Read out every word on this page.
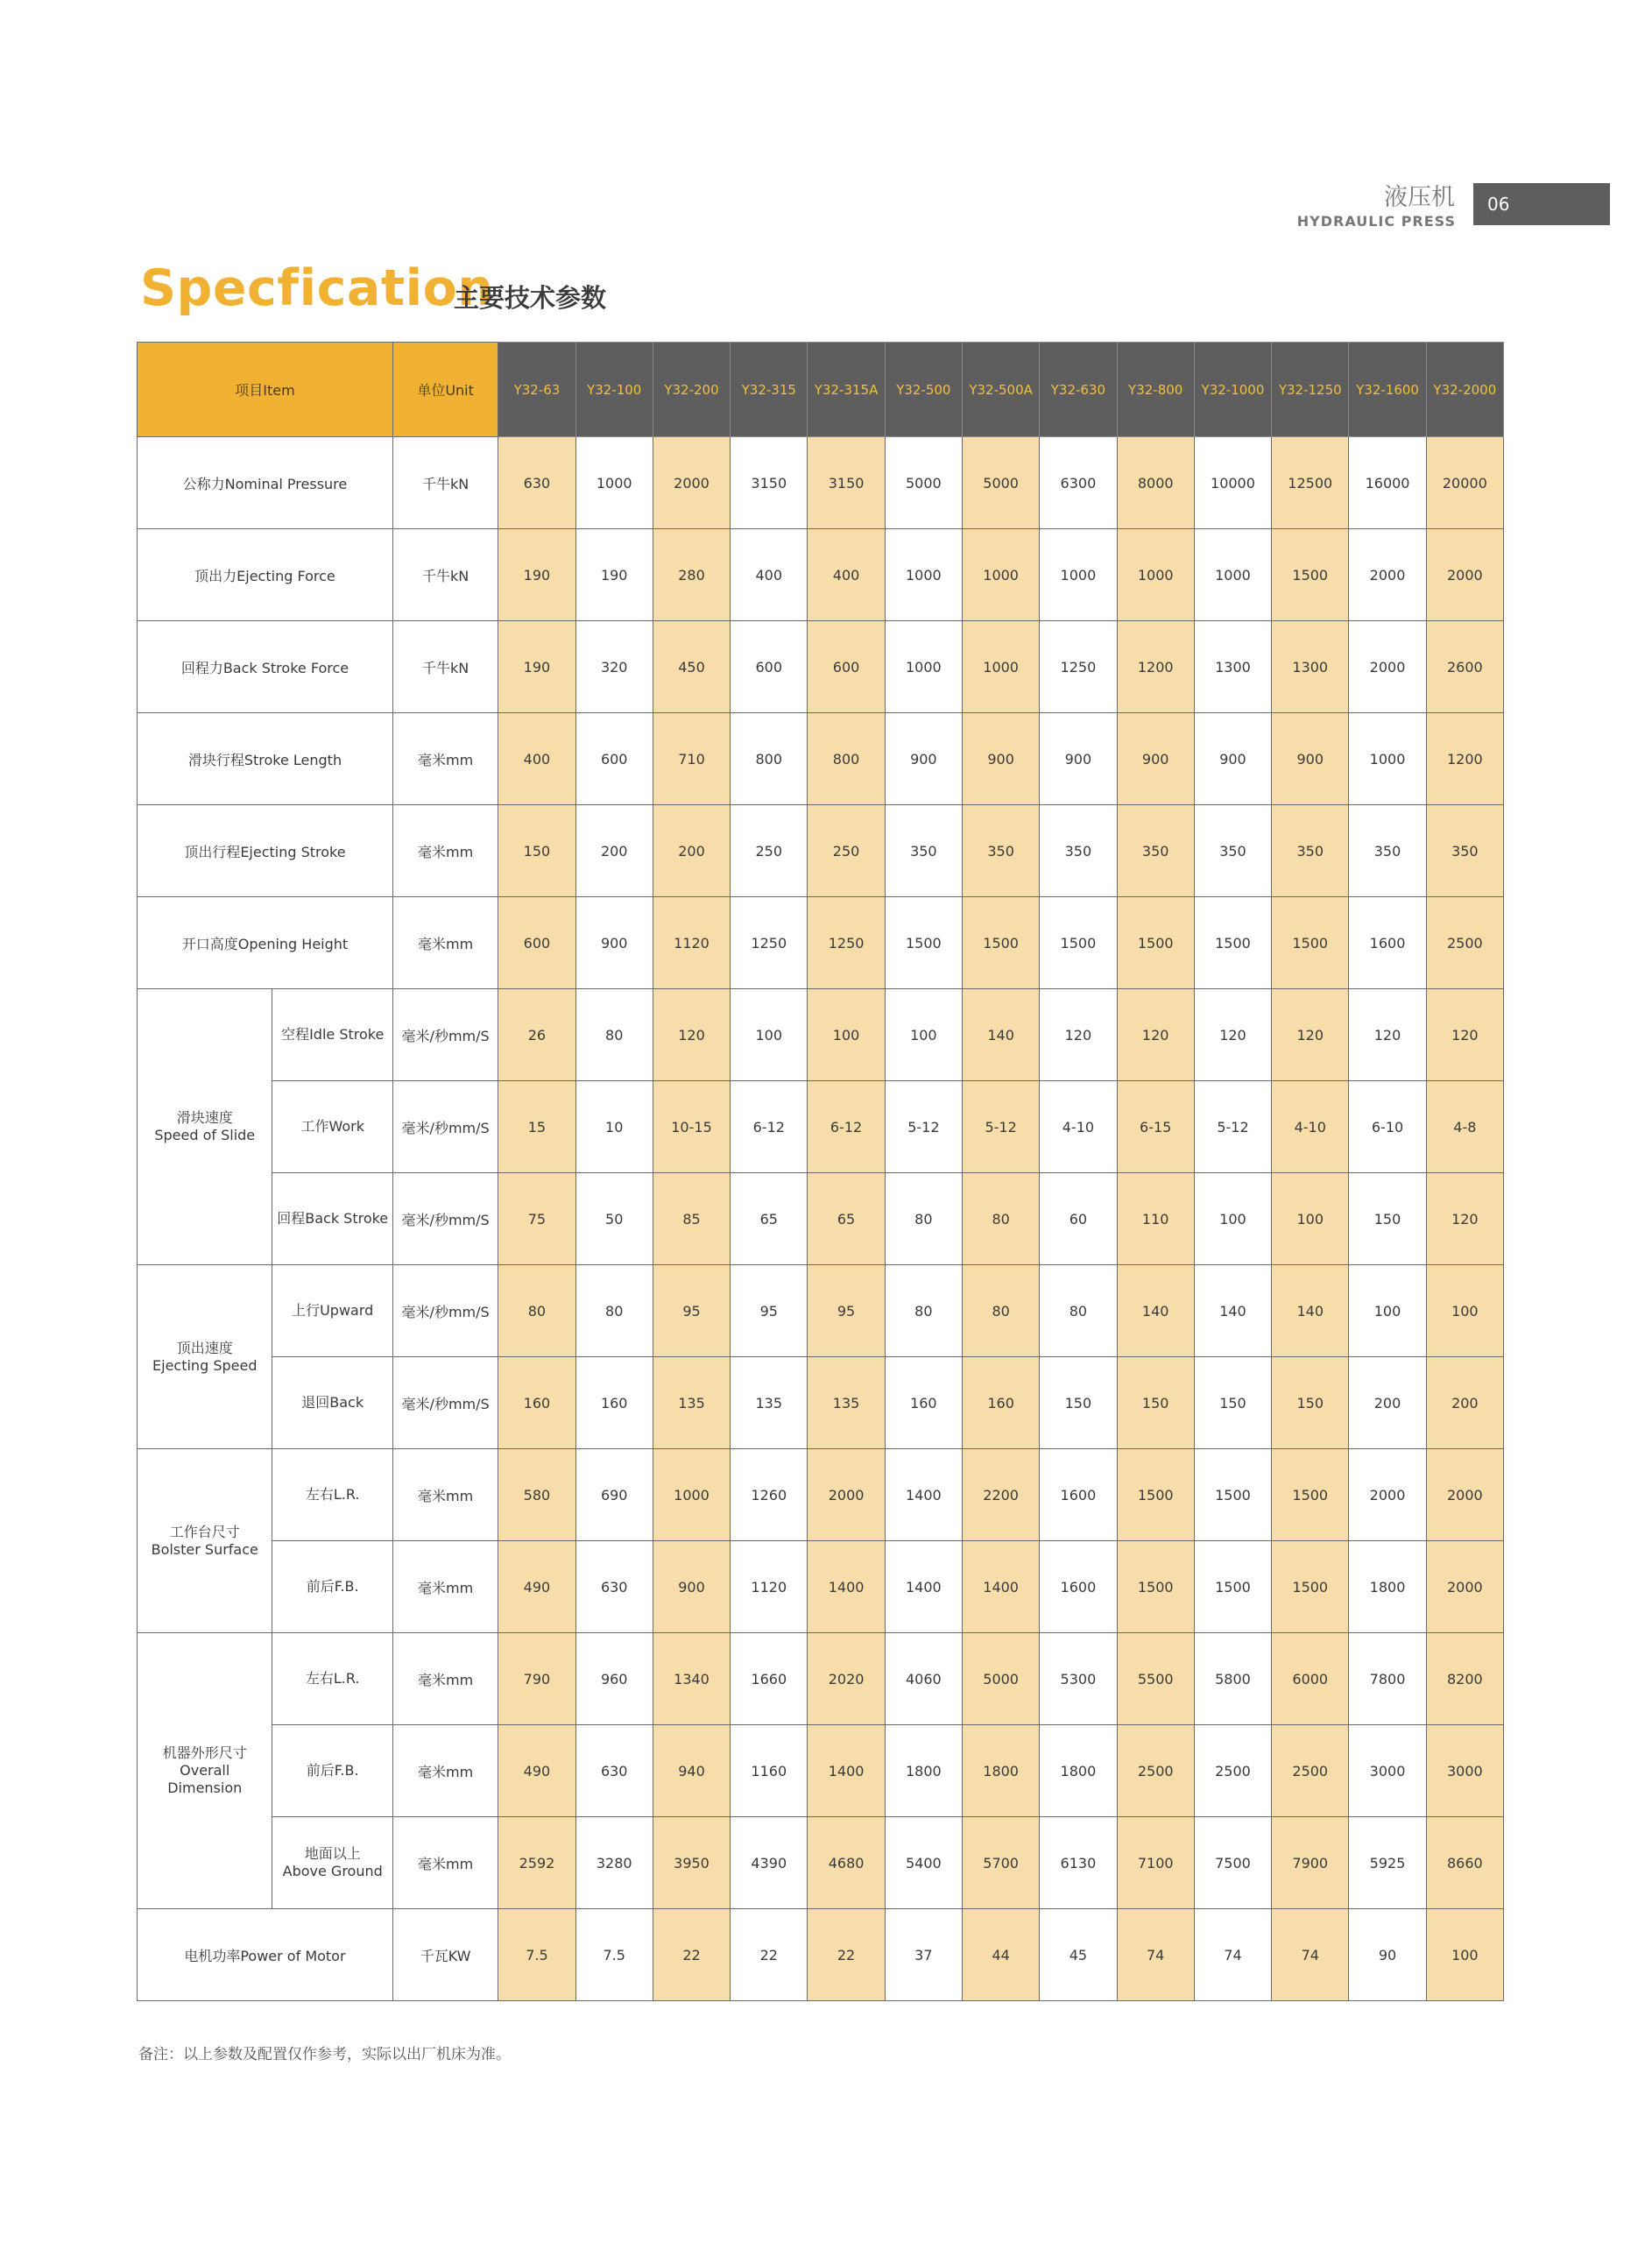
液压机
HYDRAULIC PRESS
06
Specfication
主要技术参数
项目Item		单位Unit	Y32-63	Y32-100	Y32-200	Y32-315	Y32-315A	Y32-500	Y32-500A	Y32-630	Y32-800	Y32-1000	Y32-1250	Y32-1600	Y32-2000
公称力Nominal Pressure		千牛kN	630	1000	2000	3150	3150	5000	5000	6300	8000	10000	12500	16000	20000
顶出力Ejecting Force		千牛kN	190	190	280	400	400	1000	1000	1000	1000	1000	1500	2000	2000
回程力Back Stroke Force		千牛kN	190	320	450	600	600	1000	1000	1250	1200	1300	1300	2000	2600
滑块行程Stroke Length		毫米mm	400	600	710	800	800	900	900	900	900	900	900	1000	1200
顶出行程Ejecting Stroke		毫米mm	150	200	200	250	250	350	350	350	350	350	350	350	350
开口高度Opening Height		毫米mm	600	900	1120	1250	1250	1500	1500	1500	1500	1500	1500	1600	2500

滑块速度
Speed of Slide	空程Idle Stroke	毫米/秒mm/S	26	80	120	100	100	100	140	120	120	120	120	120	120
	工作Work	毫米/秒mm/S	15	10	10-15	6-12	6-12	5-12	5-12	4-10	6-15	5-12	4-10	6-10	4-8
	回程Back Stroke	毫米/秒mm/S	75	50	85	65	65	80	80	60	110	100	100	150	120

顶出速度
Ejecting Speed	上行Upward	毫米/秒mm/S	80	80	95	95	95	80	80	80	140	140	140	100	100
	退回Back	毫米/秒mm/S	160	160	135	135	135	160	160	150	150	150	150	200	200

工作台尺寸
Bolster Surface	左右L.R.	毫米mm	580	690	1000	1260	2000	1400	2200	1600	1500	1500	1500	2000	2000
	前后F.B.	毫米mm	490	630	900	1120	1400	1400	1400	1600	1500	1500	1500	1800	2000

机器外形尺寸 Overall
Dimension	左右L.R.	毫米mm	790	960	1340	1660	2020	4060	5000	5300	5500	5800	6000	7800	8200
	前后F.B.	毫米mm	490	630	940	1160	1400	1800	1800	1800	2500	2500	2500	3000	3000

	地面以上
Above Ground	毫米mm	2592	3280	3950	4390	4680	5400	5700	6130	7100	7500	7900	5925	8660
电机功率Power of Motor		千瓦KW	7.5	7.5	22	22	22	37	44	45	74	74	74	90	100
备注：以上参数及配置仅作参考，实际以出厂机床为准。
